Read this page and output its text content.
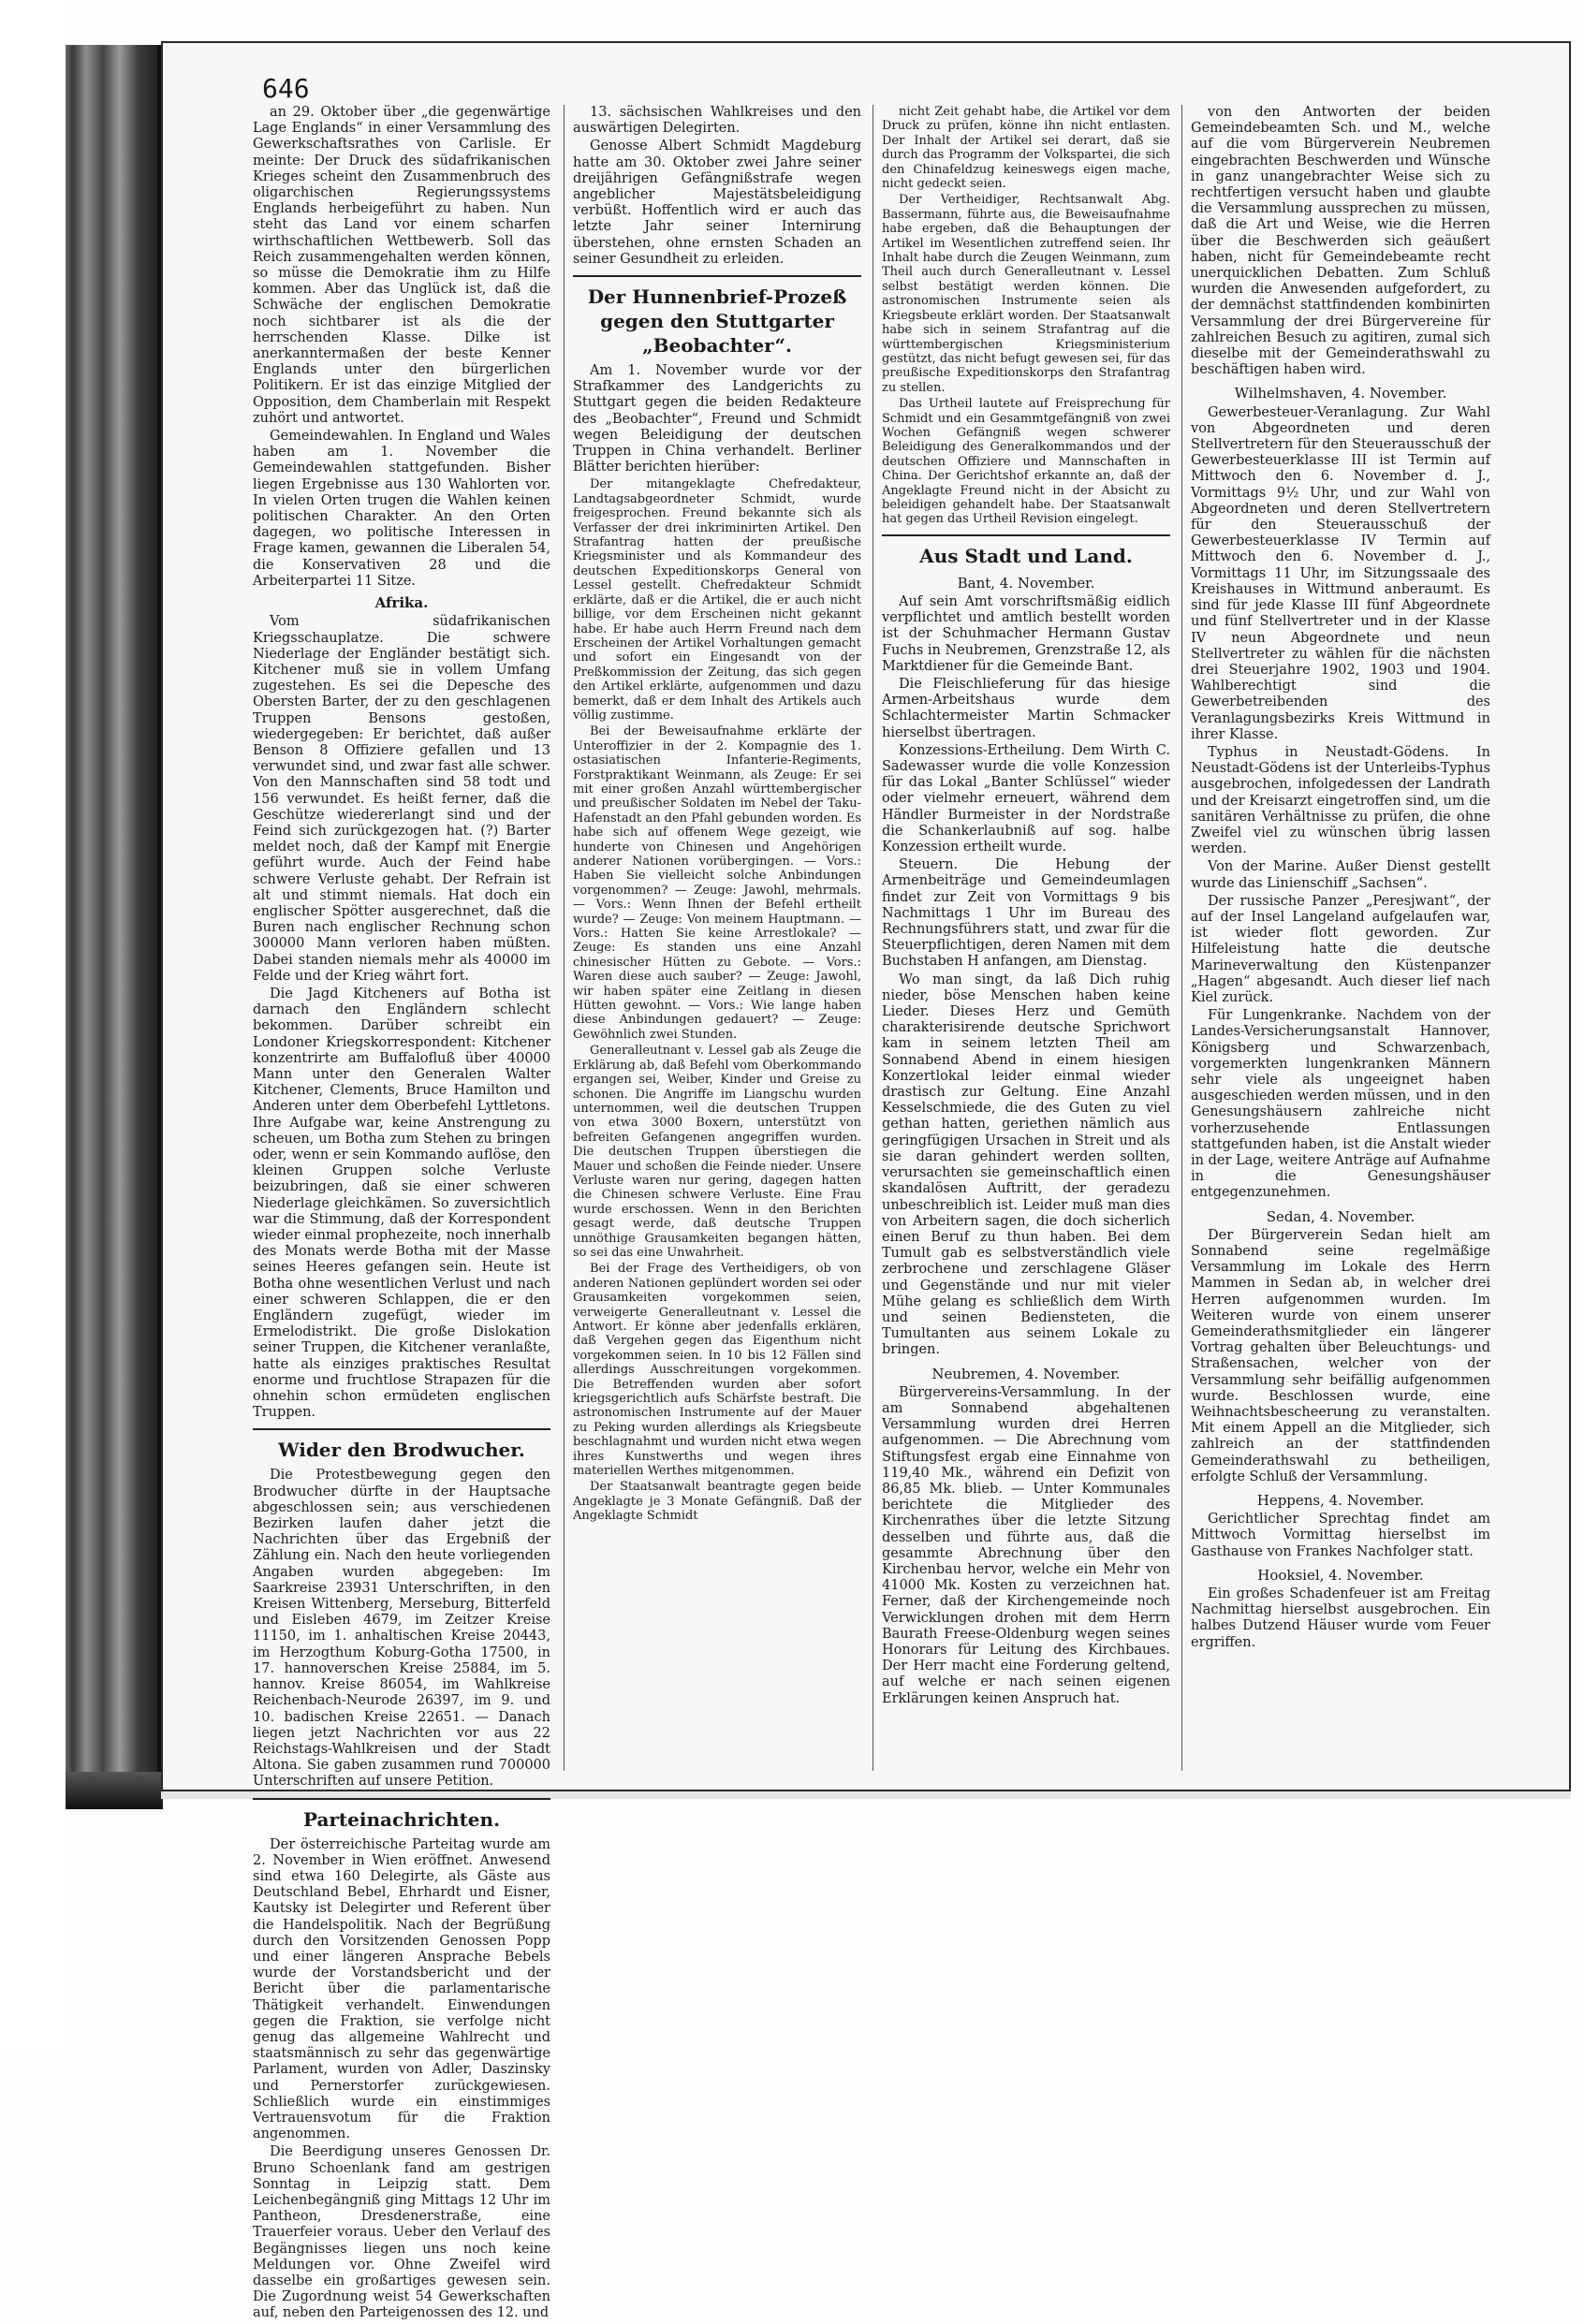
646

an 29. Oktober über „die gegenwärtige Lage Englands“ in einer Versammlung des Gewerkschaftsrathes von Carlisle. Er meinte: Der Druck des südafrikanischen Krieges scheint den Zusammenbruch des oligarchischen Regierungssystems Englands herbeigeführt zu haben. Nun steht das Land vor einem scharfen wirthschaftlichen Wettbewerb. Soll das Reich zusammengehalten werden können, so müsse die Demokratie ihm zu Hilfe kommen. Aber das Unglück ist, daß die Schwäche der englischen Demokratie noch sichtbarer ist als die der herrschenden Klasse. Dilke ist anerkanntermaßen der beste Kenner Englands unter den bürgerlichen Politikern. Er ist das einzige Mitglied der Opposition, dem Chamberlain mit Respekt zuhört und antwortet.

Gemeindewahlen. In England und Wales haben am 1. November die Gemeindewahlen stattgefunden. Bisher liegen Ergebnisse aus 130 Wahlorten vor. In vielen Orten trugen die Wahlen keinen politischen Charakter. An den Orten dagegen, wo politische Interessen in Frage kamen, gewannen die Liberalen 54, die Konservativen 28 und die Arbeiterpartei 11 Sitze.

Afrika.

Vom südafrikanischen Kriegsschauplatze. Die schwere Niederlage der Engländer bestätigt sich. Kitchener muß sie in vollem Umfang zugestehen. Es sei die Depesche des Obersten Barter, der zu den geschlagenen Truppen Bensons gestoßen, wiedergegeben: Er berichtet, daß außer Benson 8 Offiziere gefallen und 13 verwundet sind, und zwar fast alle schwer. Von den Mannschaften sind 58 todt und 156 verwundet. Es heißt ferner, daß die Geschütze wiedererlangt sind und der Feind sich zurückgezogen hat. (?) Barter meldet noch, daß der Kampf mit Energie geführt wurde. Auch der Feind habe schwere Verluste gehabt. Der Refrain ist alt und stimmt niemals. Hat doch ein englischer Spötter ausgerechnet, daß die Buren nach englischer Rechnung schon 300000 Mann verloren haben müßten. Dabei standen niemals mehr als 40000 im Felde und der Krieg währt fort.

Die Jagd Kitcheners auf Botha ist darnach den Engländern schlecht bekommen. Darüber schreibt ein Londoner Kriegskorrespondent: Kitchener konzentrirte am Buffalofluß über 40000 Mann unter den Generalen Walter Kitchener, Clements, Bruce Hamilton und Anderen unter dem Oberbefehl Lyttletons. Ihre Aufgabe war, keine Anstrengung zu scheuen, um Botha zum Stehen zu bringen oder, wenn er sein Kommando auflöse, den kleinen Gruppen solche Verluste beizubringen, daß sie einer schweren Niederlage gleichkämen. So zuversichtlich war die Stimmung, daß der Korrespondent wieder einmal prophezeite, noch innerhalb des Monats werde Botha mit der Masse seines Heeres gefangen sein. Heute ist Botha ohne wesentlichen Verlust und nach einer schweren Schlappen, die er den Engländern zugefügt, wieder im Ermelodistrikt. Die große Dislokation seiner Truppen, die Kitchener veranlaßte, hatte als einziges praktisches Resultat enorme und fruchtlose Strapazen für die ohnehin schon ermüdeten englischen Truppen.

Wider den Brodwucher.

Die Protestbewegung gegen den Brodwucher dürfte in der Hauptsache abgeschlossen sein; aus verschiedenen Bezirken laufen daher jetzt die Nachrichten über das Ergebniß der Zählung ein. Nach den heute vorliegenden Angaben wurden abgegeben: Im Saarkreise 23931 Unterschriften, in den Kreisen Wittenberg, Merseburg, Bitterfeld und Eisleben 4679, im Zeitzer Kreise 11150, im 1. anhaltischen Kreise 20443, im Herzogthum Koburg-Gotha 17500, in 17. hannoverschen Kreise 25884, im 5. hannov. Kreise 86054, im Wahlkreise Reichenbach-Neurode 26397, im 9. und 10. badischen Kreise 22651. — Danach liegen jetzt Nachrichten vor aus 22 Reichstags-Wahlkreisen und der Stadt Altona. Sie gaben zusammen rund 700000 Unterschriften auf unsere Petition.

Parteinachrichten.

Der österreichische Parteitag wurde am 2. November in Wien eröffnet. Anwesend sind etwa 160 Delegirte, als Gäste aus Deutschland Bebel, Ehrhardt und Eisner, Kautsky ist Delegirter und Referent über die Handelspolitik. Nach der Begrüßung durch den Vorsitzenden Genossen Popp und einer längeren Ansprache Bebels wurde der Vorstandsbericht und der Bericht über die parlamentarische Thätigkeit verhandelt. Einwendungen gegen die Fraktion, sie verfolge nicht genug das allgemeine Wahlrecht und staatsmännisch zu sehr das gegenwärtige Parlament, wurden von Adler, Daszinsky und Pernerstorfer zurückgewiesen. Schließlich wurde ein einstimmiges Vertrauensvotum für die Fraktion angenommen.

Die Beerdigung unseres Genossen Dr. Bruno Schoenlank fand am gestrigen Sonntag in Leipzig statt. Dem Leichenbegängniß ging Mittags 12 Uhr im Pantheon, Dresdenerstraße, eine Trauerfeier voraus. Ueber den Verlauf des Begängnisses liegen uns noch keine Meldungen vor. Ohne Zweifel wird dasselbe ein großartiges gewesen sein. Die Zugordnung weist 54 Gewerkschaften auf, neben den Parteigenossen des 12. und

13. sächsischen Wahlkreises und den auswärtigen Delegirten.

Genosse Albert Schmidt Magdeburg hatte am 30. Oktober zwei Jahre seiner dreijährigen Gefängnißstrafe wegen angeblicher Majestätsbeleidigung verbüßt. Hoffentlich wird er auch das letzte Jahr seiner Internirung überstehen, ohne ernsten Schaden an seiner Gesundheit zu erleiden.

Der Hunnenbrief-Prozeß gegen den Stuttgarter „Beobachter“.

Am 1. November wurde vor der Strafkammer des Landgerichts zu Stuttgart gegen die beiden Redakteure des „Beobachter“, Freund und Schmidt wegen Beleidigung der deutschen Truppen in China verhandelt. Berliner Blätter berichten hierüber:

Der mitangeklagte Chefredakteur, Landtagsabgeordneter Schmidt, wurde freigesprochen. Freund bekannte sich als Verfasser der drei inkriminirten Artikel. Den Strafantrag hatten der preußische Kriegsminister und als Kommandeur des deutschen Expeditionskorps General von Lessel gestellt. Chefredakteur Schmidt erklärte, daß er die Artikel, die er auch nicht billige, vor dem Erscheinen nicht gekannt habe. Er habe auch Herrn Freund nach dem Erscheinen der Artikel Vorhaltungen gemacht und sofort ein Eingesandt von der Preßkommission der Zeitung, das sich gegen den Artikel erklärte, aufgenommen und dazu bemerkt, daß er dem Inhalt des Artikels auch völlig zustimme.

Bei der Beweisaufnahme erklärte der Unteroffizier in der 2. Kompagnie des 1. ostasiatischen Infanterie-Regiments, Forstpraktikant Weinmann, als Zeuge: Er sei mit einer großen Anzahl württembergischer und preußischer Soldaten im Nebel der Taku-Hafenstadt an den Pfahl gebunden worden. Es habe sich auf offenem Wege gezeigt, wie hunderte von Chinesen und Angehörigen anderer Nationen vorübergingen. — Vors.: Haben Sie vielleicht solche Anbindungen vorgenommen? — Zeuge: Jawohl, mehrmals. — Vors.: Wenn Ihnen der Befehl ertheilt wurde? — Zeuge: Von meinem Hauptmann. — Vors.: Hatten Sie keine Arrestlokale? — Zeuge: Es standen uns eine Anzahl chinesischer Hütten zu Gebote. — Vors.: Waren diese auch sauber? — Zeuge: Jawohl, wir haben später eine Zeitlang in diesen Hütten gewohnt. — Vors.: Wie lange haben diese Anbindungen gedauert? — Zeuge: Gewöhnlich zwei Stunden.

Generalleutnant v. Lessel gab als Zeuge die Erklärung ab, daß Befehl vom Oberkommando ergangen sei, Weiber, Kinder und Greise zu schonen. Die Angriffe im Liangschu wurden unternommen, weil die deutschen Truppen von etwa 3000 Boxern, unterstützt von befreiten Gefangenen angegriffen wurden. Die deutschen Truppen überstiegen die Mauer und schoßen die Feinde nieder. Unsere Verluste waren nur gering, dagegen hatten die Chinesen schwere Verluste. Eine Frau wurde erschossen. Wenn in den Berichten gesagt werde, daß deutsche Truppen unnöthige Grausamkeiten begangen hätten, so sei das eine Unwahrheit.

Bei der Frage des Vertheidigers, ob von anderen Nationen geplündert worden sei oder Grausamkeiten vorgekommen seien, verweigerte Generalleutnant v. Lessel die Antwort. Er könne aber jedenfalls erklären, daß Vergehen gegen das Eigenthum nicht vorgekommen seien. In 10 bis 12 Fällen sind allerdings Ausschreitungen vorgekommen. Die Betreffenden wurden aber sofort kriegsgerichtlich aufs Schärfste bestraft. Die astronomischen Instrumente auf der Mauer zu Peking wurden allerdings als Kriegsbeute beschlagnahmt und wurden nicht etwa wegen ihres Kunstwerths und wegen ihres materiellen Werthes mitgenommen.

Der Staatsanwalt beantragte gegen beide Angeklagte je 3 Monate Gefängniß. Daß der Angeklagte Schmidt

nicht Zeit gehabt habe, die Artikel vor dem Druck zu prüfen, könne ihn nicht entlasten. Der Inhalt der Artikel sei derart, daß sie durch das Programm der Volkspartei, die sich den Chinafeldzug keineswegs eigen mache, nicht gedeckt seien.

Der Vertheidiger, Rechtsanwalt Abg. Bassermann, führte aus, die Beweisaufnahme habe ergeben, daß die Behauptungen der Artikel im Wesentlichen zutreffend seien. Ihr Inhalt habe durch die Zeugen Weinmann, zum Theil auch durch Generalleutnant v. Lessel selbst bestätigt werden können. Die astronomischen Instrumente seien als Kriegsbeute erklärt worden. Der Staatsanwalt habe sich in seinem Strafantrag auf die württembergischen Kriegsministerium gestützt, das nicht befugt gewesen sei, für das preußische Expeditionskorps den Strafantrag zu stellen.

Das Urtheil lautete auf Freisprechung für Schmidt und ein Gesammtgefängniß von zwei Wochen Gefängniß wegen schwerer Beleidigung des Generalkommandos und der deutschen Offiziere und Mannschaften in China. Der Gerichtshof erkannte an, daß der Angeklagte Freund nicht in der Absicht zu beleidigen gehandelt habe. Der Staatsanwalt hat gegen das Urtheil Revision eingelegt.

Aus Stadt und Land.
Bant, 4. November.

Auf sein Amt vorschriftsmäßig eidlich verpflichtet und amtlich bestellt worden ist der Schuhmacher Hermann Gustav Fuchs in Neubremen, Grenzstraße 12, als Marktdiener für die Gemeinde Bant.

Die Fleischlieferung für das hiesige Armen-Arbeitshaus wurde dem Schlachtermeister Martin Schmacker hierselbst übertragen.

Konzessions-Ertheilung. Dem Wirth C. Sadewasser wurde die volle Konzession für das Lokal „Banter Schlüssel“ wieder oder vielmehr erneuert, während dem Händler Burmeister in der Nordstraße die Schankerlaubniß auf sog. halbe Konzession ertheilt wurde.

Steuern. Die Hebung der Armenbeiträge und Gemeindeumlagen findet zur Zeit von Vormittags 9 bis Nachmittags 1 Uhr im Bureau des Rechnungsführers statt, und zwar für die Steuerpflichtigen, deren Namen mit dem Buchstaben H anfangen, am Dienstag.

Wo man singt, da laß Dich ruhig nieder, böse Menschen haben keine Lieder. Dieses Herz und Gemüth charakterisirende deutsche Sprichwort kam in seinem letzten Theil am Sonnabend Abend in einem hiesigen Konzertlokal leider einmal wieder drastisch zur Geltung. Eine Anzahl Kesselschmiede, die des Guten zu viel gethan hatten, geriethen nämlich aus geringfügigen Ursachen in Streit und als sie daran gehindert werden sollten, verursachten sie gemeinschaftlich einen skandalösen Auftritt, der geradezu unbeschreiblich ist. Leider muß man dies von Arbeitern sagen, die doch sicherlich einen Beruf zu thun haben. Bei dem Tumult gab es selbstverständlich viele zerbrochene und zerschlagene Gläser und Gegenstände und nur mit vieler Mühe gelang es schließlich dem Wirth und seinen Bediensteten, die Tumultanten aus seinem Lokale zu bringen.

Neubremen, 4. November.

Bürgervereins-Versammlung. In der am Sonnabend abgehaltenen Versammlung wurden drei Herren aufgenommen. — Die Abrechnung vom Stiftungsfest ergab eine Einnahme von 119,40 Mk., während ein Defizit von 86,85 Mk. blieb. — Unter Kommunales berichtete die Mitglieder des Kirchenrathes über die letzte Sitzung desselben und führte aus, daß die gesammte Abrechnung über den Kirchenbau hervor, welche ein Mehr von 41000 Mk. Kosten zu verzeichnen hat. Ferner, daß der Kirchengemeinde noch Verwicklungen drohen mit dem Herrn Baurath Freese-Oldenburg wegen seines Honorars für Leitung des Kirchbaues. Der Herr macht eine Forderung geltend, auf welche er nach seinen eigenen Erklärungen keinen Anspruch hat.

von den Antworten der beiden Gemeindebeamten Sch. und M., welche auf die vom Bürgerverein Neubremen eingebrachten Beschwerden und Wünsche in ganz unangebrachter Weise sich zu rechtfertigen versucht haben und glaubte die Versammlung aussprechen zu müssen, daß die Art und Weise, wie die Herren über die Beschwerden sich geäußert haben, nicht für Gemeindebeamte recht unerquicklichen Debatten. Zum Schluß wurden die Anwesenden aufgefordert, zu der demnächst stattfindenden kombinirten Versammlung der drei Bürgervereine für zahlreichen Besuch zu agitiren, zumal sich dieselbe mit der Gemeinderathswahl zu beschäftigen haben wird.

Wilhelmshaven, 4. November.

Gewerbesteuer-Veranlagung. Zur Wahl von Abgeordneten und deren Stellvertretern für den Steuerausschuß der Gewerbesteuerklasse III ist Termin auf Mittwoch den 6. November d. J., Vormittags 9½ Uhr, und zur Wahl von Abgeordneten und deren Stellvertretern für den Steuerausschuß der Gewerbesteuerklasse IV Termin auf Mittwoch den 6. November d. J., Vormittags 11 Uhr, im Sitzungssaale des Kreishauses in Wittmund anberaumt. Es sind für jede Klasse III fünf Abgeordnete und fünf Stellvertreter und in der Klasse IV neun Abgeordnete und neun Stellvertreter zu wählen für die nächsten drei Steuerjahre 1902, 1903 und 1904. Wahlberechtigt sind die Gewerbetreibenden des Veranlagungsbezirks Kreis Wittmund in ihrer Klasse.

Typhus in Neustadt-Gödens. In Neustadt-Gödens ist der Unterleibs-Typhus ausgebrochen, infolgedessen der Landrath und der Kreisarzt eingetroffen sind, um die sanitären Verhältnisse zu prüfen, die ohne Zweifel viel zu wünschen übrig lassen werden.

Von der Marine. Außer Dienst gestellt wurde das Linienschiff „Sachsen“.

Der russische Panzer „Peresjwant“, der auf der Insel Langeland aufgelaufen war, ist wieder flott geworden. Zur Hilfeleistung hatte die deutsche Marineverwaltung den Küstenpanzer „Hagen“ abgesandt. Auch dieser lief nach Kiel zurück.

Für Lungenkranke. Nachdem von der Landes-Versicherungsanstalt Hannover, Königsberg und Schwarzenbach, vorgemerkten lungenkranken Männern sehr viele als ungeeignet haben ausgeschieden werden müssen, und in den Genesungshäusern zahlreiche nicht vorherzusehende Entlassungen stattgefunden haben, ist die Anstalt wieder in der Lage, weitere Anträge auf Aufnahme in die Genesungshäuser entgegenzunehmen.

Sedan, 4. November.

Der Bürgerverein Sedan hielt am Sonnabend seine regelmäßige Versammlung im Lokale des Herrn Mammen in Sedan ab, in welcher drei Herren aufgenommen wurden. Im Weiteren wurde von einem unserer Gemeinderathsmitglieder ein längerer Vortrag gehalten über Beleuchtungs- und Straßensachen, welcher von der Versammlung sehr beifällig aufgenommen wurde. Beschlossen wurde, eine Weihnachtsbescheerung zu veranstalten. Mit einem Appell an die Mitglieder, sich zahlreich an der stattfindenden Gemeinderathswahl zu betheiligen, erfolgte Schluß der Versammlung.

Heppens, 4. November.

Gerichtlicher Sprechtag findet am Mittwoch Vormittag hierselbst im Gasthause von Frankes Nachfolger statt.

Hooksiel, 4. November.

Ein großes Schadenfeuer ist am Freitag Nachmittag hierselbst ausgebrochen. Ein halbes Dutzend Häuser wurde vom Feuer ergriffen.
